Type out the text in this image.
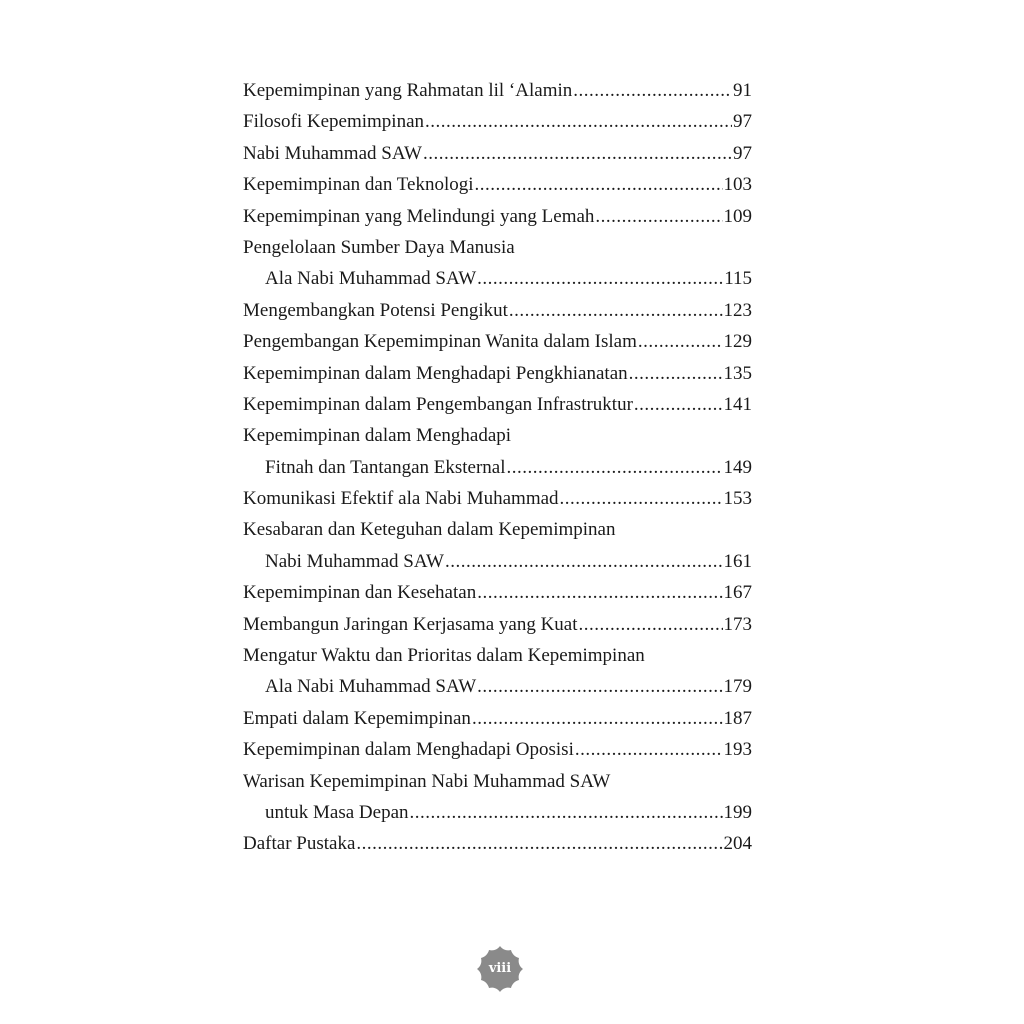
Kepemimpinan yang Rahmatan lil ‘Alamin .....	91
Filosofi Kepemimpinan .....	97
Nabi Muhammad SAW .....	97
Kepemimpinan dan Teknologi .....	103
Kepemimpinan yang Melindungi yang Lemah .....	109
Pengelolaan Sumber Daya Manusia
Ala Nabi Muhammad SAW .....	115
Mengembangkan Potensi Pengikut .....	123
Pengembangan Kepemimpinan Wanita dalam Islam .....	129
Kepemimpinan dalam Menghadapi Pengkhianatan .....	135
Kepemimpinan dalam Pengembangan Infrastruktur .....	141
Kepemimpinan dalam Menghadapi
Fitnah dan Tantangan Eksternal .....	149
Komunikasi Efektif ala Nabi Muhammad .....	153
Kesabaran dan Keteguhan dalam Kepemimpinan
Nabi Muhammad SAW .....	161
Kepemimpinan dan Kesehatan .....	167
Membangun Jaringan Kerjasama yang Kuat .....	173
Mengatur Waktu dan Prioritas dalam Kepemimpinan
Ala Nabi Muhammad SAW .....	179
Empati dalam Kepemimpinan .....	187
Kepemimpinan dalam Menghadapi Oposisi .....	193
Warisan Kepemimpinan Nabi Muhammad SAW
untuk Masa Depan .....	199
Daftar Pustaka .....	204
viii
